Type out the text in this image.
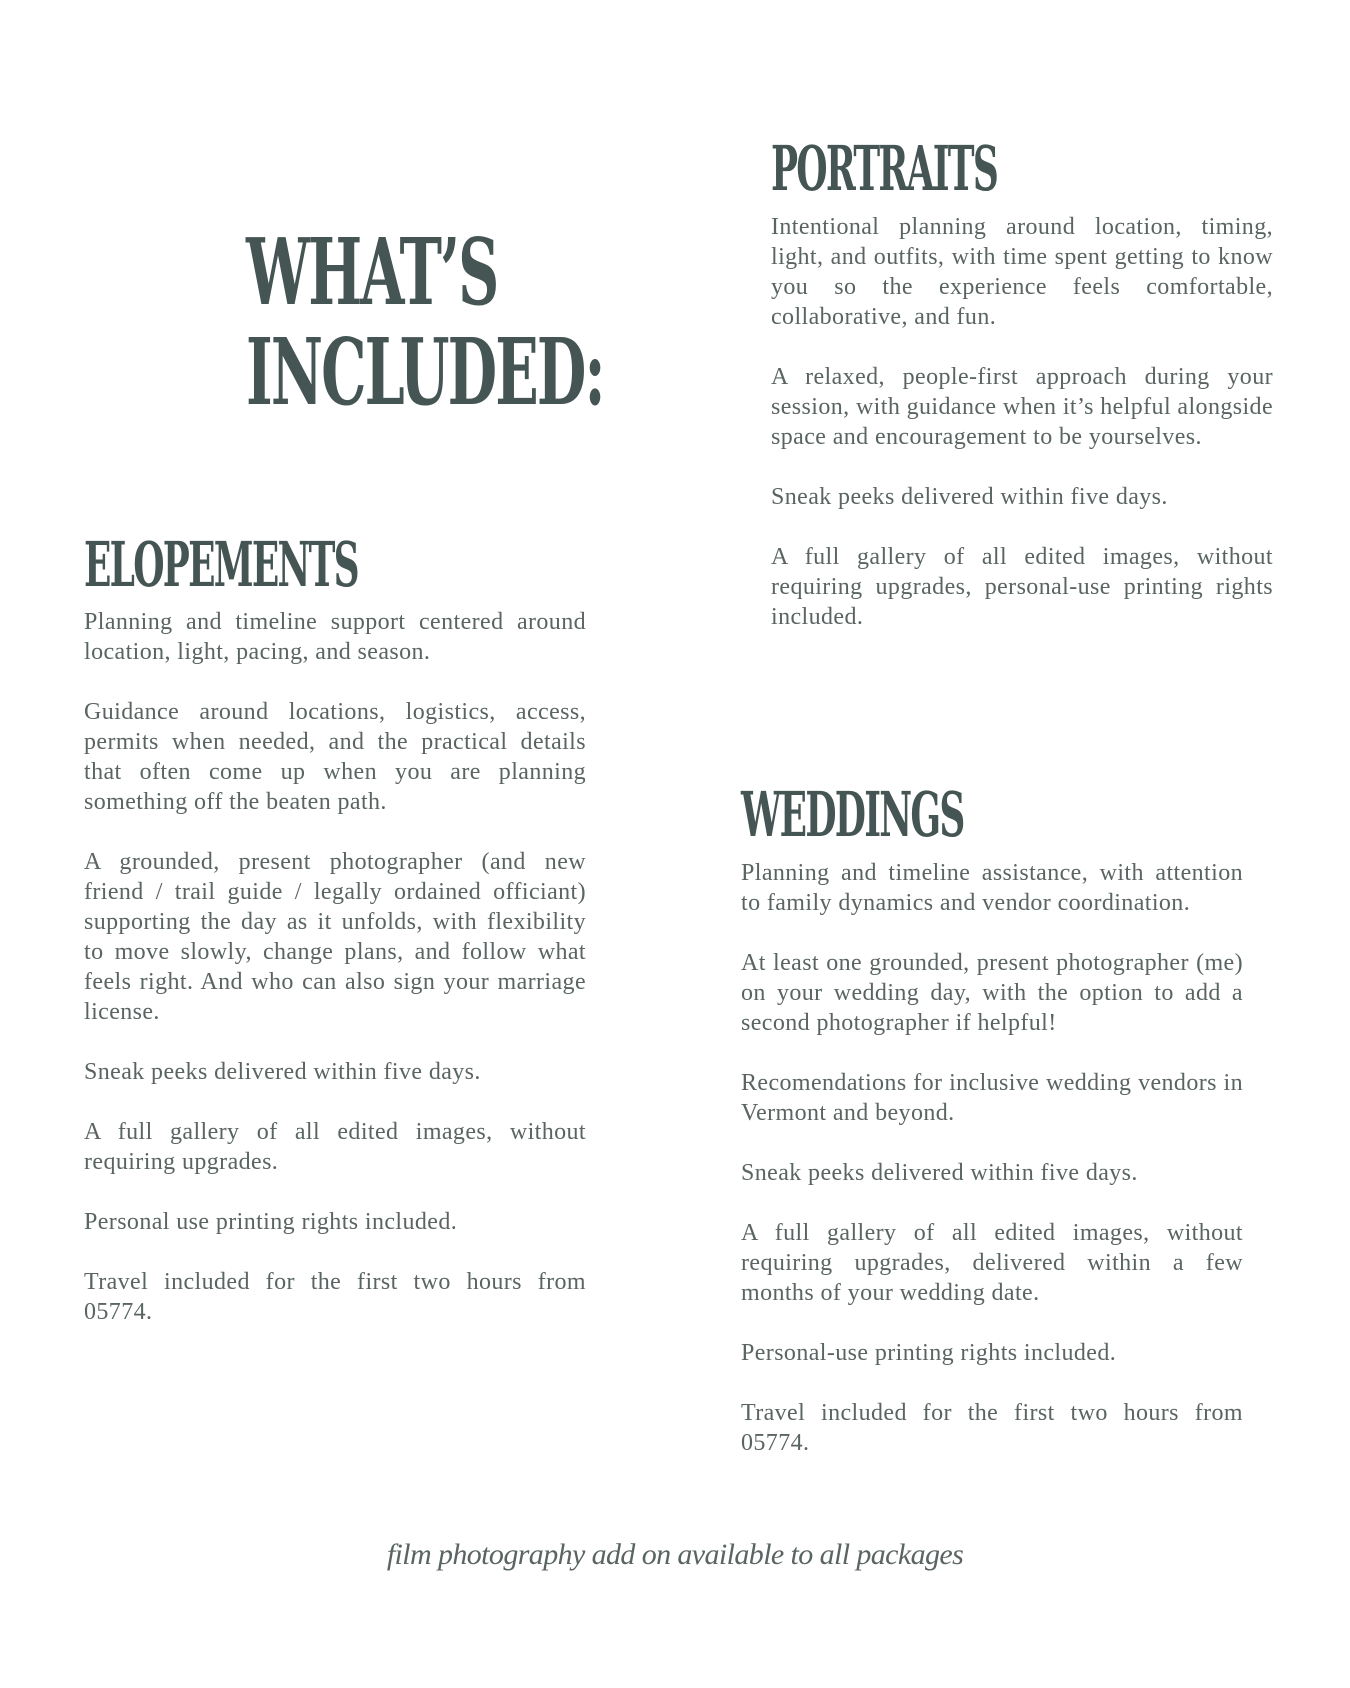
WHAT’S
INCLUDED:
PORTRAITS

Intentional planning around location, timing, light, and outfits, with time spent getting to know you so the experience feels comfortable, collaborative, and fun.

A relaxed, people-first approach during your session, with guidance when it’s helpful alongside space and encouragement to be yourselves.

Sneak peeks delivered within five days.

A full gallery of all edited images, without requiring upgrades, personal-use printing rights included.

ELOPEMENTS

Planning and timeline support centered around location, light, pacing, and season.

Guidance around locations, logistics, access, permits when needed, and the practical details that often come up when you are planning something off the beaten path.

A grounded, present photographer (and new friend / trail guide / legally ordained officiant) supporting the day as it unfolds, with flexibility to move slowly, change plans, and follow what feels right. And who can also sign your marriage license.

Sneak peeks delivered within five days.

A full gallery of all edited images, without requiring upgrades.

Personal use printing rights included.

Travel included for the first two hours from 05774.

WEDDINGS

Planning and timeline assistance, with attention to family dynamics and vendor coordination.

At least one grounded, present photographer (me) on your wedding day, with the option to add a second photographer if helpful!

Recomendations for inclusive wedding vendors in Vermont and beyond.

Sneak peeks delivered within five days.

A full gallery of all edited images, without requiring upgrades, delivered within a few months of your wedding date.

Personal-use printing rights included.

Travel included for the first two hours from 05774.

film photography add on available to all packages
